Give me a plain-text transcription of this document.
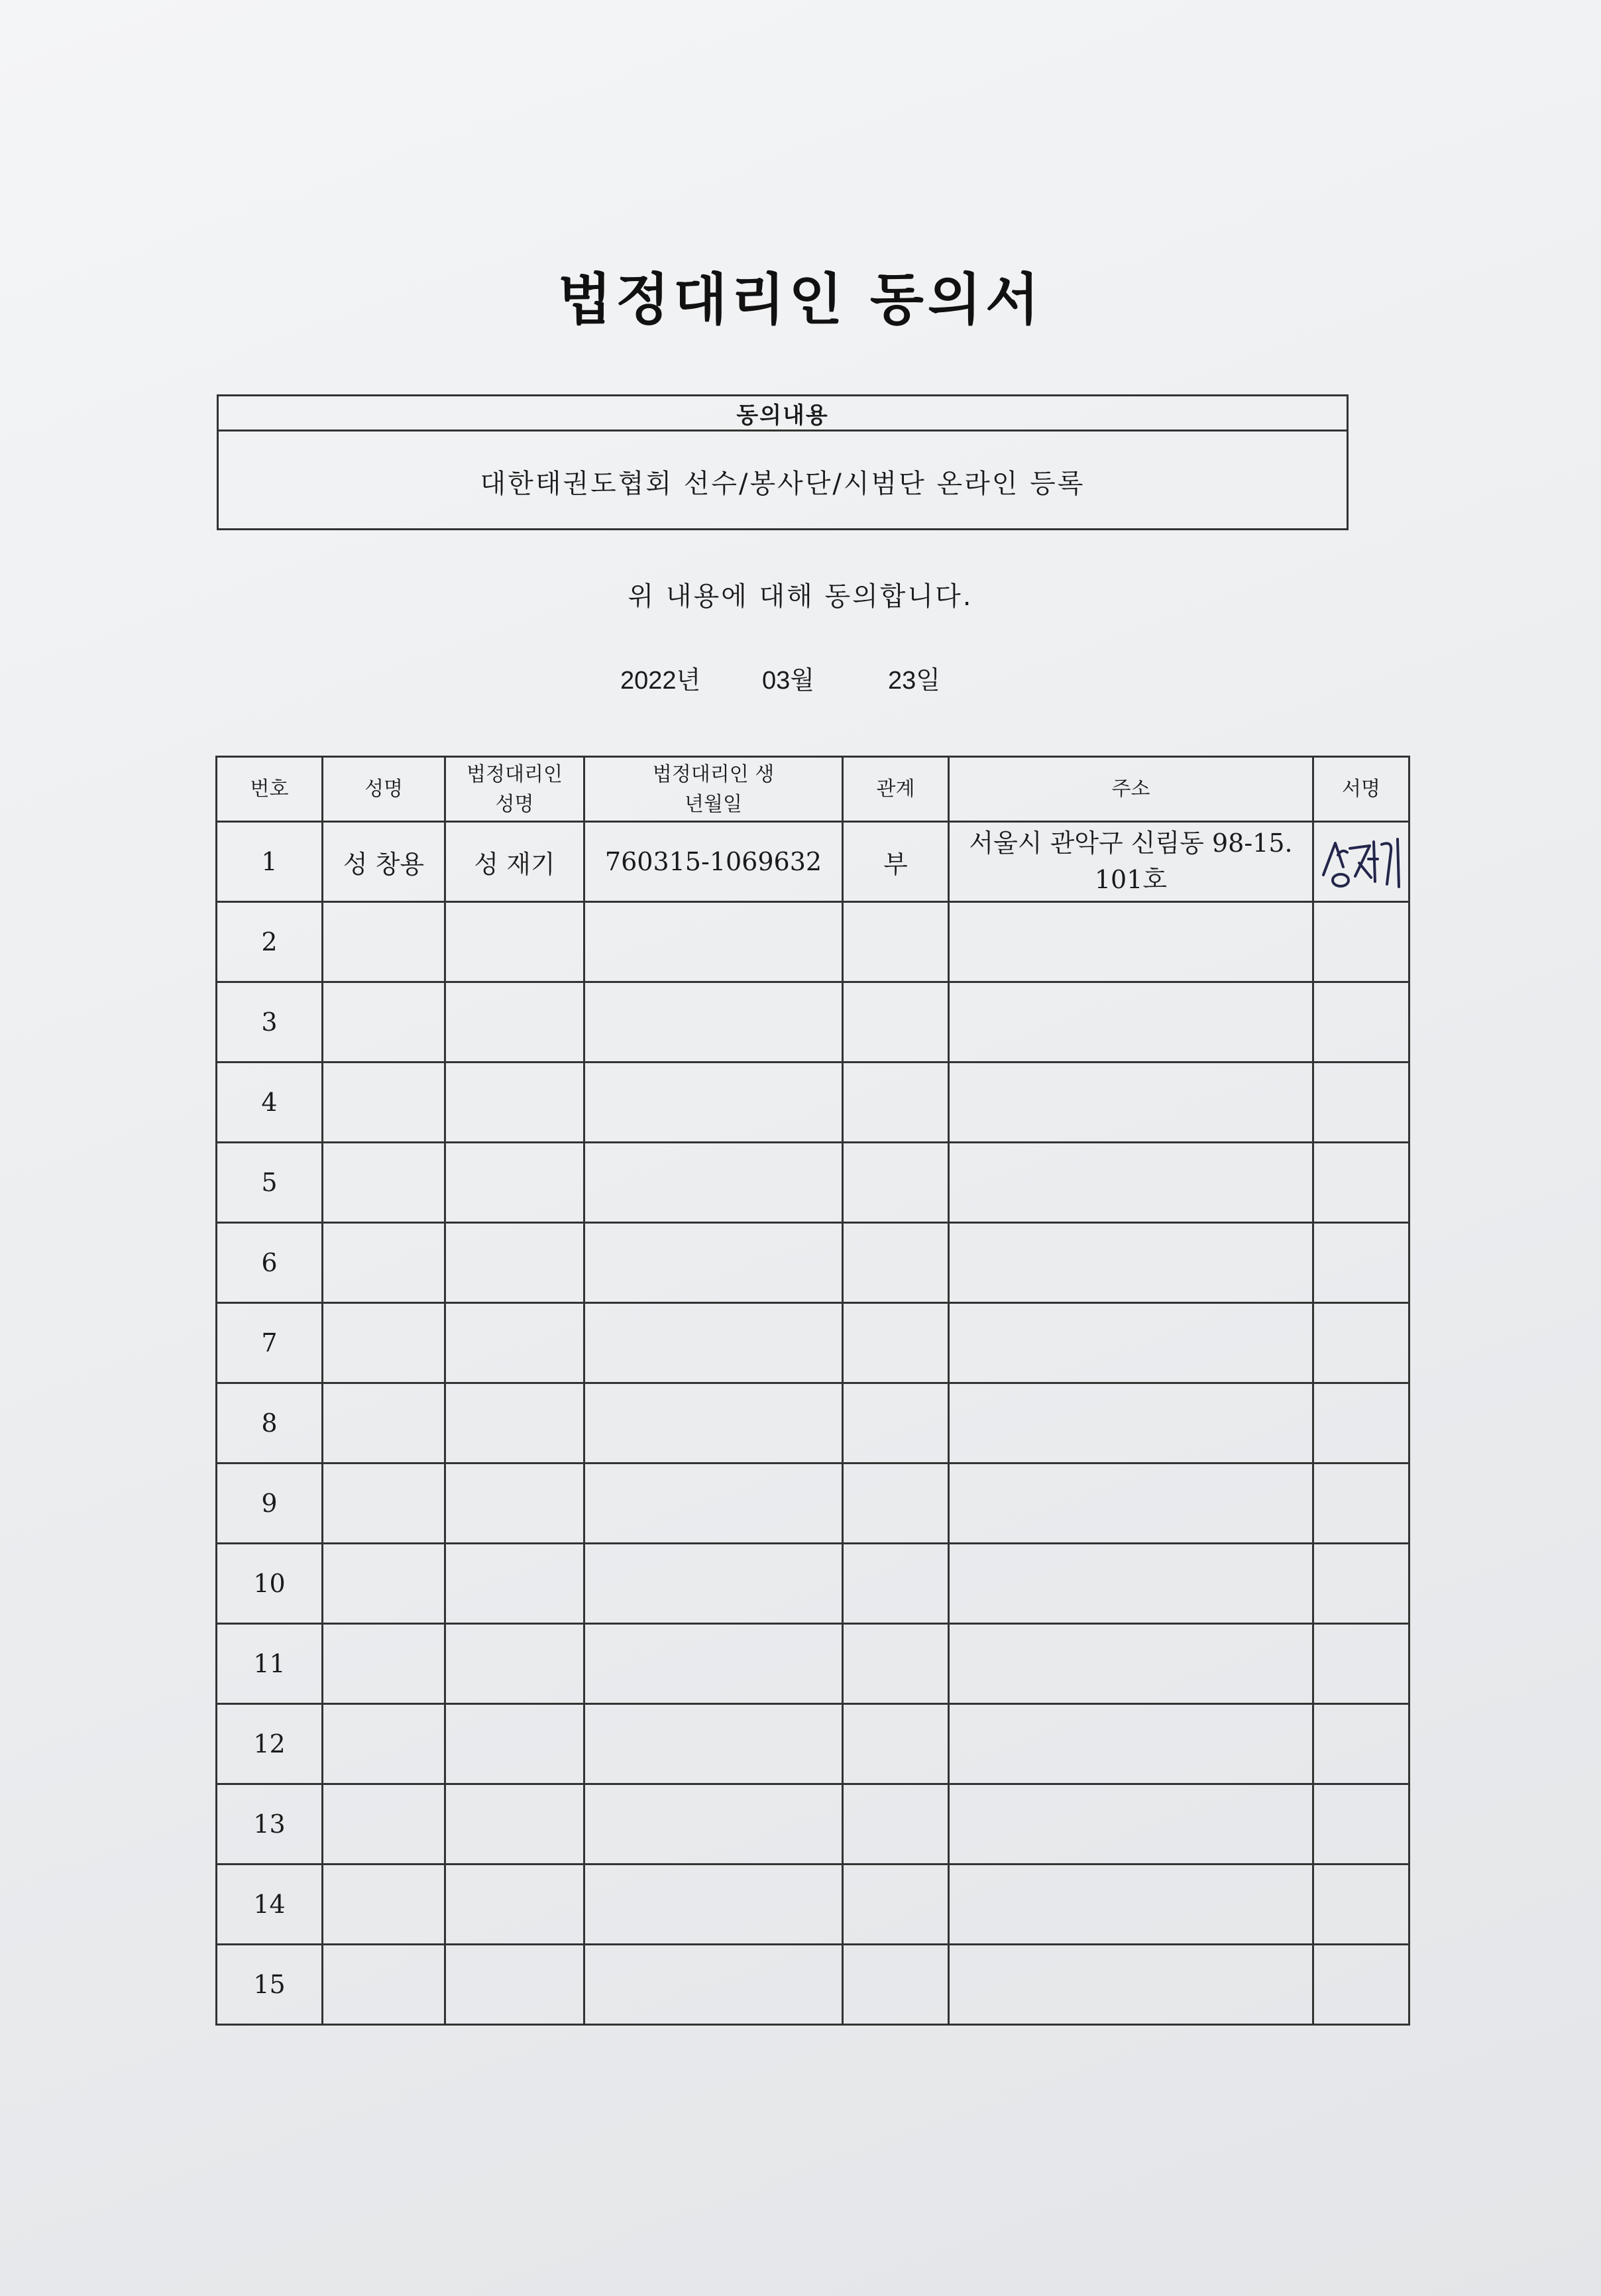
법정대리인 동의서
동의내용
대한태권도협회 선수/봉사단/시범단 온라인 등록
위 내용에 대해 동의합니다.
2022년 03월	23일
번호	성명	법정대리인 성명	법정대리인 생년월일	관계	주소	서명
1	성 창용	성 재기	760315-1069632	부	서울시 관악구 신림동 98-15. 101호	

2						
3						
4						
5						
6						
7						
8						
9						
10						
11						
12						
13						
14						
15						
